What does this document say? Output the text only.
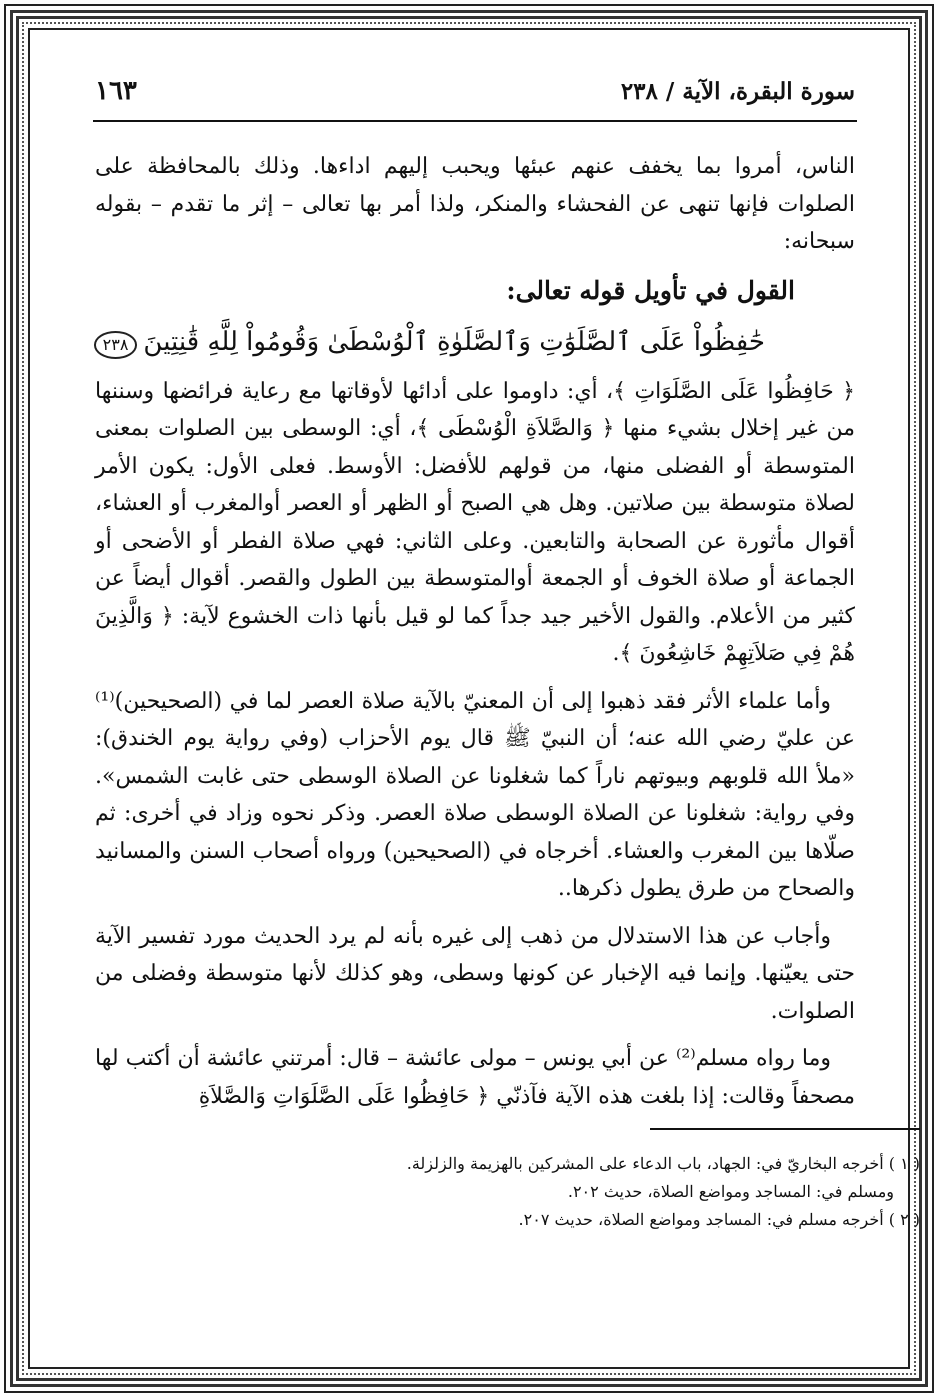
سورة البقرة، الآية / ٢٣٨
١٦٣

الناس، أمروا بما يخفف عنهم عبئها ويحبب إليهم اداءها. وذلك بالمحافظة على الصلوات فإنها تنهى عن الفحشاء والمنكر، ولذا أمر بها تعالى – إثر ما تقدم – بقوله سبحانه:

القول في تأويل قوله تعالى:

حَٰفِظُواْ عَلَى ٱلصَّلَوَٰتِ وَٱلصَّلَوٰةِ ٱلْوُسْطَىٰ وَقُومُواْ لِلَّهِ قَٰنِتِينَ٢٣٨

﴿ حَافِظُوا عَلَى الصَّلَوَاتِ ﴾، أي: داوموا على أدائها لأوقاتها مع رعاية فرائضها وسننها من غير إخلال بشيء منها ﴿ وَالصَّلاَةِ الْوُسْطَى ﴾، أي: الوسطى بين الصلوات بمعنى المتوسطة أو الفضلى منها، من قولهم للأفضل: الأوسط. فعلى الأول: يكون الأمر لصلاة متوسطة بين صلاتين. وهل هي الصبح أو الظهر أو العصر أوالمغرب أو العشاء، أقوال مأثورة عن الصحابة والتابعين. وعلى الثاني: فهي صلاة الفطر أو الأضحى أو الجماعة أو صلاة الخوف أو الجمعة أوالمتوسطة بين الطول والقصر. أقوال أيضاً عن كثير من الأعلام. والقول الأخير جيد جداً كما لو قيل بأنها ذات الخشوع لآية: ﴿ وَالَّذِينَ هُمْ فِي صَلاَتِهِمْ خَاشِعُونَ ﴾.

وأما علماء الأثر فقد ذهبوا إلى أن المعنيّ بالآية صلاة العصر لما في (الصحيحين)⁽¹⁾ عن عليّ رضي الله عنه؛ أن النبيّ ﷺ قال يوم الأحزاب (وفي رواية يوم الخندق): «ملأ الله قلوبهم وبيوتهم ناراً كما شغلونا عن الصلاة الوسطى حتى غابت الشمس». وفي رواية: شغلونا عن الصلاة الوسطى صلاة العصر. وذكر نحوه وزاد في أخرى: ثم صلّاها بين المغرب والعشاء. أخرجاه في (الصحيحين) ورواه أصحاب السنن والمسانيد والصحاح من طرق يطول ذكرها..

وأجاب عن هذا الاستدلال من ذهب إلى غيره بأنه لم يرد الحديث مورد تفسير الآية حتى يعيّنها. وإنما فيه الإخبار عن كونها وسطى، وهو كذلك لأنها متوسطة وفضلى من الصلوات.

وما رواه مسلم⁽²⁾ عن أبي يونس – مولى عائشة – قال: أمرتني عائشة أن أكتب لها مصحفاً وقالت: إذا بلغت هذه الآية فآذنّي ﴿ حَافِظُوا عَلَى الصَّلَوَاتِ وَالصَّلاَةِ

( ١ ) أخرجه البخاريّ في: الجهاد، باب الدعاء على المشركين بالهزيمة والزلزلة.

ومسلم في: المساجد ومواضع الصلاة، حديث ٢٠٢.

( ٢ ) أخرجه مسلم في: المساجد ومواضع الصلاة، حديث ٢٠٧.
